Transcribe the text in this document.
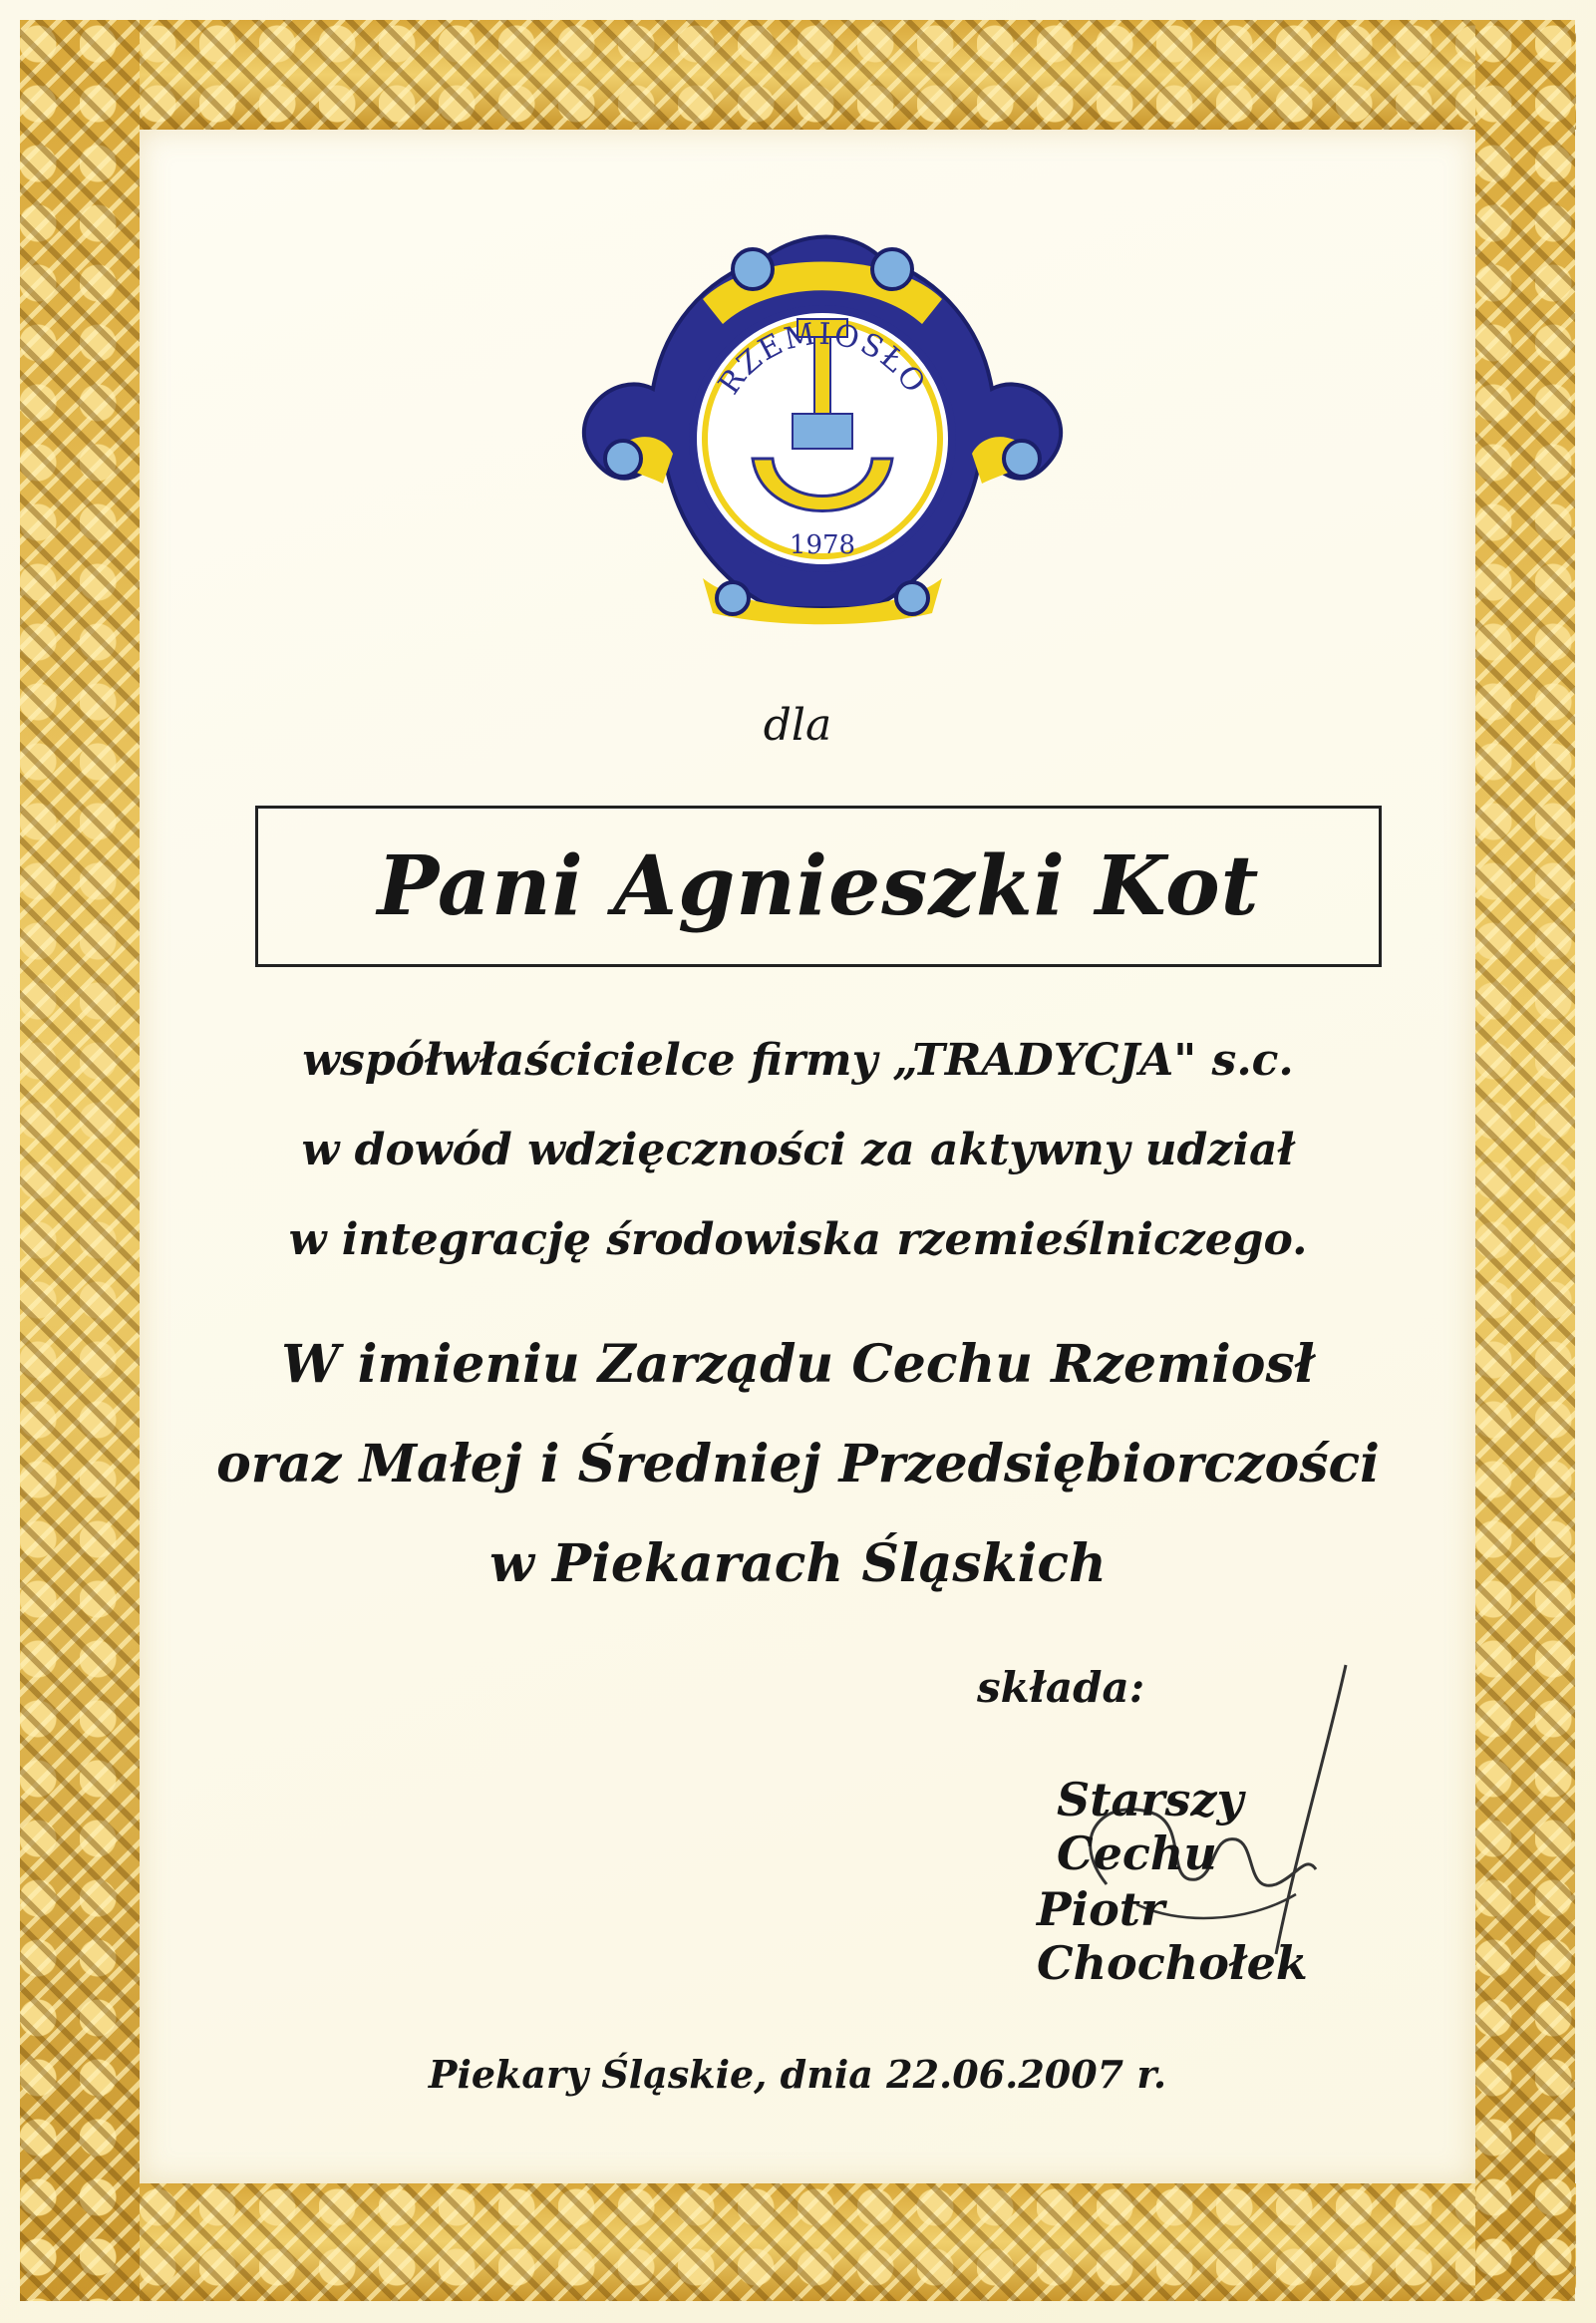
RZEMIOSŁO
1978
dla
Pani Agnieszki Kot
współwłaścicielce firmy „TRADYCJA" s.c.
w dowód wdzięczności za aktywny udział
w integrację środowiska rzemieślniczego.
W imieniu Zarządu Cechu Rzemiosł
oraz Małej i Średniej Przedsiębiorczości
w Piekarach Śląskich
składa:
Starszy Cechu
Piotr Chochołek
Piekary Śląskie, dnia 22.06.2007 r.
